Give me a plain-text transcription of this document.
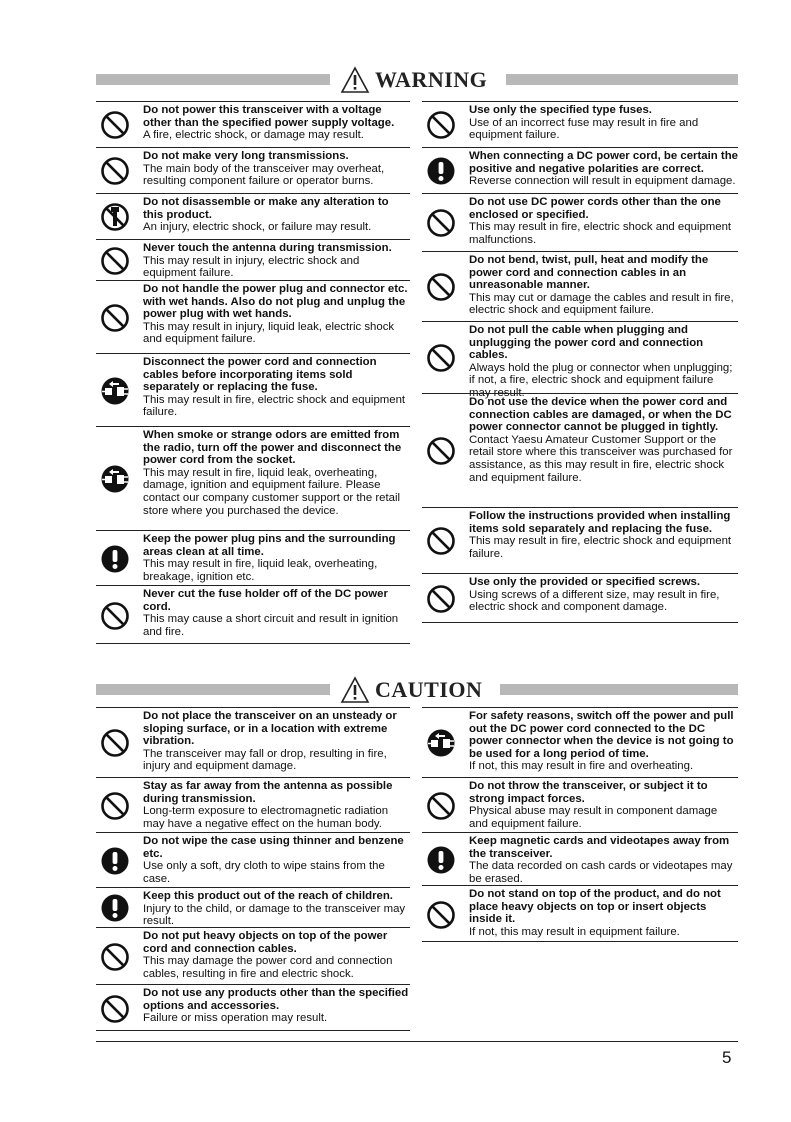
WARNING
Do not power this transceiver with a voltage other than the specified power supply voltage.
A fire, electric shock, or damage may result.
Do not make very long transmissions.
The main body of the transceiver may overheat, resulting component failure or operator burns.
Do not disassemble or make any alteration to this product.
An injury, electric shock, or failure may result.
Never touch the antenna during transmission.
This may result in injury, electric shock and equipment failure.
Do not handle the power plug and connector etc. with wet hands. Also do not plug and unplug the power plug with wet hands.
This may result in injury, liquid leak, electric shock and equipment failure.
Disconnect the power cord and connection cables before incorporating items sold separately or replacing the fuse.
This may result in fire, electric shock and equipment failure.
When smoke or strange odors are emitted from the radio, turn off the power and disconnect the power cord from the socket.
This may result in fire, liquid leak, overheating, damage, ignition and equipment failure. Please contact our company customer support or the retail store where you purchased the device.
Keep the power plug pins and the surrounding areas clean at all time.
This may result in fire, liquid leak, overheating, breakage, ignition etc.
Never cut the fuse holder off of the DC power cord.
This may cause a short circuit and result in ignition and fire.
Use only the specified type fuses.
Use of an incorrect fuse may result in fire and equipment failure.
When connecting a DC power cord, be certain the positive and negative polarities are correct.
Reverse connection will result in equipment damage.
Do not use DC power cords other than the one enclosed or specified.
This may result in fire, electric shock and equipment malfunctions.
Do not bend, twist, pull, heat and modify the power cord and connection cables in an unreasonable manner.
This may cut or damage the cables and result in fire, electric shock and equipment failure.
Do not pull the cable when plugging and unplugging the power cord and connection cables.
Always hold the plug or connector when unplugging; if not, a fire, electric shock and equipment failure may result.
Do not use the device when the power cord and connection cables are damaged, or when the DC power connector cannot be plugged in tightly.
Contact Yaesu Amateur Customer Support or the retail store where this transceiver was purchased for assistance, as this may result in fire, electric shock and equipment failure.
Follow the instructions provided when installing items sold separately and replacing the fuse.
This may result in fire, electric shock and equipment failure.
Use only the provided or specified screws.
Using screws of a different size, may result in fire, electric shock and component damage.
CAUTION
Do not place the transceiver on an unsteady or sloping surface, or in a location with extreme vibration.
The transceiver may fall or drop, resulting in fire, injury and equipment damage.
Stay as far away from the antenna as possible during transmission.
Long-term exposure to electromagnetic radiation may have a negative effect on the human body.
Do not wipe the case using thinner and benzene etc.
Use only a soft, dry cloth to wipe stains from the case.
Keep this product out of the reach of children.
Injury to the child, or damage to the transceiver may result.
Do not put heavy objects on top of the power cord and connection cables.
This may damage the power cord and connection cables, resulting in fire and electric shock.
Do not use any products other than the specified options and accessories.
Failure or miss operation may result.
For safety reasons, switch off the power and pull out the DC power cord connected to the DC power connector when the device is not going to be used for a long period of time.
If not, this may result in fire and overheating.
Do not throw the transceiver, or subject it to strong impact forces.
Physical abuse may result in component damage and equipment failure.
Keep magnetic cards and videotapes away from the transceiver.
The data recorded on cash cards or videotapes may be erased.
Do not stand on top of the product, and do not place heavy objects on top or insert objects inside it.
If not, this may result in equipment failure.
5
